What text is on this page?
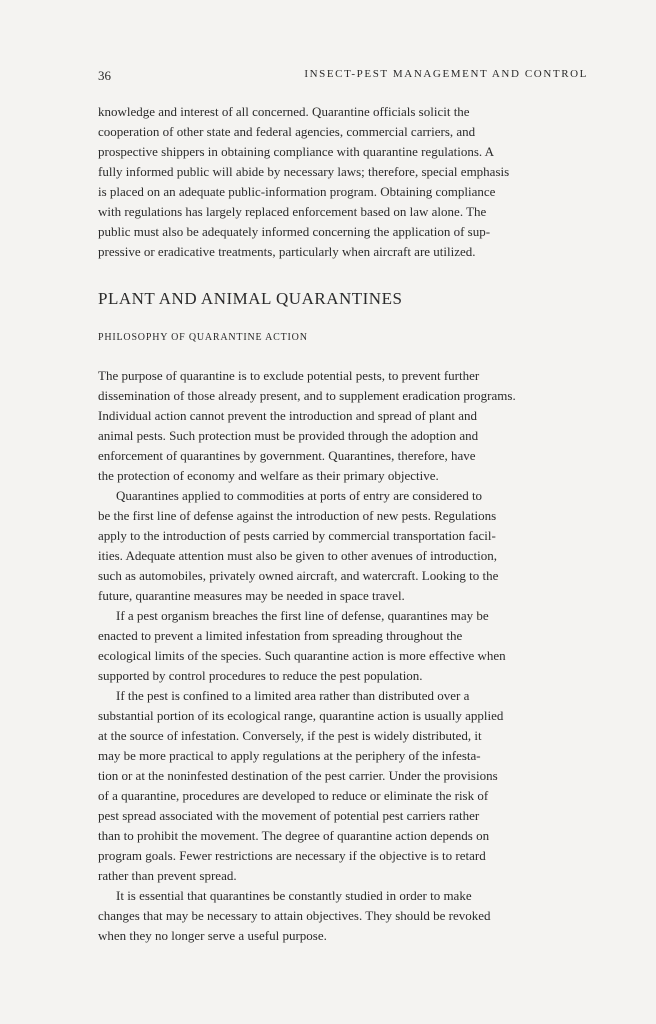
36	INSECT-PEST MANAGEMENT AND CONTROL
knowledge and interest of all concerned. Quarantine officials solicit the
cooperation of other state and federal agencies, commercial carriers, and
prospective shippers in obtaining compliance with quarantine regulations. A
fully informed public will abide by necessary laws; therefore, special emphasis
is placed on an adequate public-information program. Obtaining compliance
with regulations has largely replaced enforcement based on law alone. The
public must also be adequately informed concerning the application of sup-
pressive or eradicative treatments, particularly when aircraft are utilized.
PLANT AND ANIMAL QUARANTINES
PHILOSOPHY OF QUARANTINE ACTION
The purpose of quarantine is to exclude potential pests, to prevent further
dissemination of those already present, and to supplement eradication programs.
Individual action cannot prevent the introduction and spread of plant and
animal pests. Such protection must be provided through the adoption and
enforcement of quarantines by government. Quarantines, therefore, have
the protection of economy and welfare as their primary objective.
Quarantines applied to commodities at ports of entry are considered to
be the first line of defense against the introduction of new pests. Regulations
apply to the introduction of pests carried by commercial transportation facil-
ities. Adequate attention must also be given to other avenues of introduction,
such as automobiles, privately owned aircraft, and watercraft. Looking to the
future, quarantine measures may be needed in space travel.
If a pest organism breaches the first line of defense, quarantines may be
enacted to prevent a limited infestation from spreading throughout the
ecological limits of the species. Such quarantine action is more effective when
supported by control procedures to reduce the pest population.
If the pest is confined to a limited area rather than distributed over a
substantial portion of its ecological range, quarantine action is usually applied
at the source of infestation. Conversely, if the pest is widely distributed, it
may be more practical to apply regulations at the periphery of the infesta-
tion or at the noninfested destination of the pest carrier. Under the provisions
of a quarantine, procedures are developed to reduce or eliminate the risk of
pest spread associated with the movement of potential pest carriers rather
than to prohibit the movement. The degree of quarantine action depends on
program goals. Fewer restrictions are necessary if the objective is to retard
rather than prevent spread.
It is essential that quarantines be constantly studied in order to make
changes that may be necessary to attain objectives. They should be revoked
when they no longer serve a useful purpose.
